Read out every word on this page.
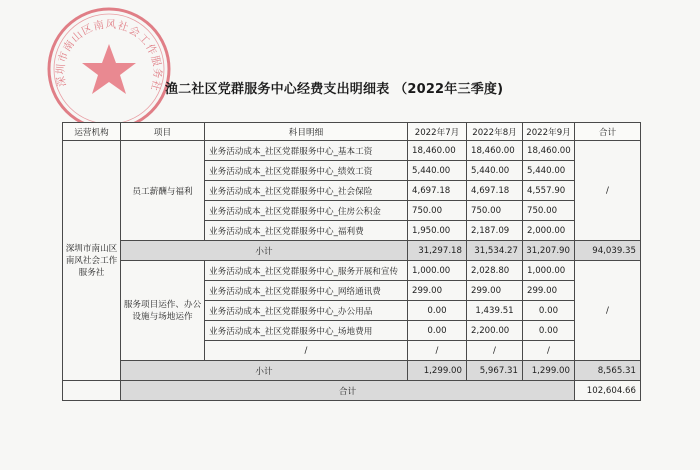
深圳市南山区南风社会工作服务社 渔二社区党群服务中心经费支出明细表 （2022年三季度)
运营机构	项目	科目明细	2022年7月	2022年8月	2022年9月	合计
深圳市南山区南风社会工作服务社	员工薪酬与福利	业务活动成本_社区党群服务中心_基本工资	18,460.00	18,460.00	18,460.00	/
		业务活动成本_社区党群服务中心_绩效工资	5,440.00	5,440.00	5,440.00	
		业务活动成本_社区党群服务中心_社会保险	4,697.18	4,697.18	4,557.90	
		业务活动成本_社区党群服务中心_住房公积金	750.00	750.00	750.00	
		业务活动成本_社区党群服务中心_福利费	1,950.00	2,187.09	2,000.00	
	小计		31,297.18	31,534.27	31,207.90	94,039.35
	服务项目运作、办公设施与场地运作	业务活动成本_社区党群服务中心_服务开展和宣传	1,000.00	2,028.80	1,000.00	/
		业务活动成本_社区党群服务中心_网络通讯费	299.00	299.00	299.00	
		业务活动成本_社区党群服务中心_办公用品	0.00	1,439.51	0.00	
		业务活动成本_社区党群服务中心_场地费用	0.00	2,200.00	0.00	
		/	/	/	/	
	小计		1,299.00	5,967.31	1,299.00	8,565.31
	合计					102,604.66
